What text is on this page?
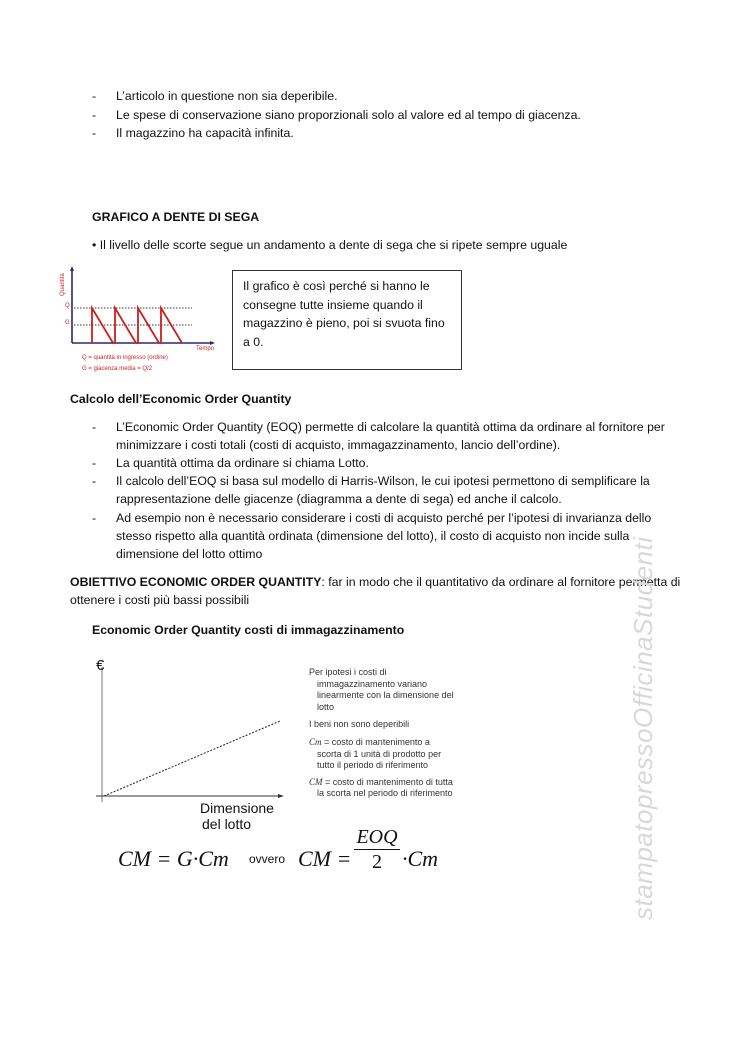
- L’articolo in questione non sia deperibile.
- Le spese di conservazione siano proporzionali solo al valore ed al tempo di giacenza.
- Il magazzino ha capacità infinita.
GRAFICO A DENTE DI SEGA
• Il livello delle scorte segue un andamento a dente di sega che si ripete sempre uguale
Quantità
Q
G
Tempo
Q = quantità in ingresso (ordine)
G = giacenza media = Q/2
Il grafico è così perché si hanno le consegne tutte insieme quando il magazzino è pieno, poi si svuota fino a 0.
Calcolo dell’Economic Order Quantity
- L’Economic Order Quantity (EOQ) permette di calcolare la quantità ottima da ordinare al fornitore per minimizzare i costi totali (costi di acquisto, immagazzinamento, lancio dell’ordine).
- La quantità ottima da ordinare si chiama Lotto.
- Il calcolo dell’EOQ si basa sul modello di Harris-Wilson, le cui ipotesi permettono di semplificare la rappresentazione delle giacenze (diagramma a dente di sega) ed anche il calcolo.
- Ad esempio non è necessario considerare i costi di acquisto perché per l’ipotesi di invarianza dello stesso rispetto alla quantità ordinata (dimensione del lotto), il costo di acquisto non incide sulla dimensione del lotto ottimo
OBIETTIVO ECONOMIC ORDER QUANTITY: far in modo che il quantitativo da ordinare al fornitore permetta di ottenere i costi più bassi possibili
Economic Order Quantity costi di immagazzinamento
€
Dimensione
del lotto
Per ipotesi i costi di immagazzinamento variano linearmente con la dimensione del lotto
I beni non sono deperibili
Cm = costo di mantenimento a scorta di 1 unità di prodotto per tutto il periodo di riferimento
CM = costo di mantenimento di tutta la scorta nel periodo di riferimento
CM = G·Cm ovvero CM =
EOQ
2 ·Cm	stampatopressoOfficinaStudenti
